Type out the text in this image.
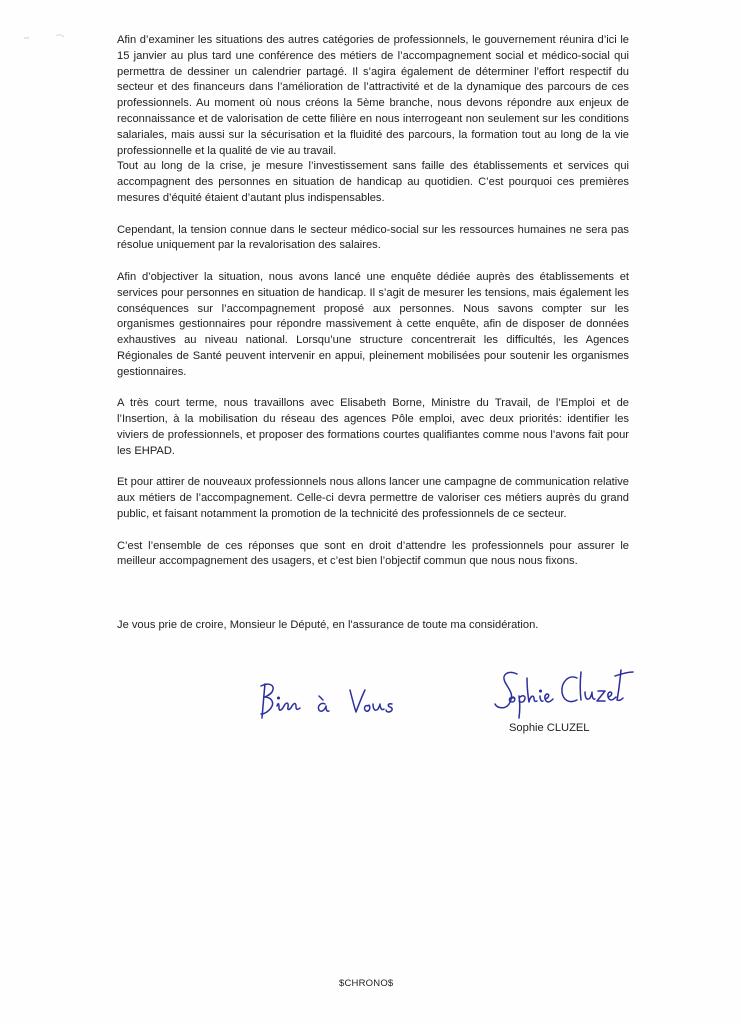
Afin d’examiner les situations des autres catégories de professionnels, le gouvernement réunira d’ici le 15 janvier au plus tard une conférence des métiers de l’accompagnement social et médico-social qui permettra de dessiner un calendrier partagé. Il s’agira également de déterminer l’effort respectif du secteur et des financeurs dans l’amélioration de l’attractivité et de la dynamique des parcours de ces professionnels. Au moment où nous créons la 5ème branche, nous devons répondre aux enjeux de reconnaissance et de valorisation de cette filière en nous interrogeant non seulement sur les conditions salariales, mais aussi sur la sécurisation et la fluidité des parcours, la formation tout au long de la vie professionnelle et la qualité de vie au travail.

Tout au long de la crise, je mesure l’investissement sans faille des établissements et services qui accompagnent des personnes en situation de handicap au quotidien. C’est pourquoi ces premières mesures d’équité étaient d’autant plus indispensables.

Cependant, la tension connue dans le secteur médico-social sur les ressources humaines ne sera pas résolue uniquement par la revalorisation des salaires.

Afin d’objectiver la situation, nous avons lancé une enquête dédiée auprès des établissements et services pour personnes en situation de handicap. Il s’agit de mesurer les tensions, mais également les conséquences sur l’accompagnement proposé aux personnes. Nous savons compter sur les organismes gestionnaires pour répondre massivement à cette enquête, afin de disposer de données exhaustives au niveau national. Lorsqu’une structure concentrerait les difficultés, les Agences Régionales de Santé peuvent intervenir en appui, pleinement mobilisées pour soutenir les organismes gestionnaires.

A très court terme, nous travaillons avec Elisabeth Borne, Ministre du Travail, de l’Emploi et de l’Insertion, à la mobilisation du réseau des agences Pôle emploi, avec deux priorités: identifier les viviers de professionnels, et proposer des formations courtes qualifiantes comme nous l’avons fait pour les EHPAD.

Et pour attirer de nouveaux professionnels nous allons lancer une campagne de communication relative aux métiers de l’accompagnement. Celle-ci devra permettre de valoriser ces métiers auprès du grand public, et faisant notamment la promotion de la technicité des professionnels de ce secteur.

C’est l’ensemble de ces réponses que sont en droit d’attendre les professionnels pour assurer le meilleur accompagnement des usagers, et c’est bien l’objectif commun que nous nous fixons.

Je vous prie de croire, Monsieur le Député, en l'assurance de toute ma considération.
Sophie CLUZEL
$CHRONO$
